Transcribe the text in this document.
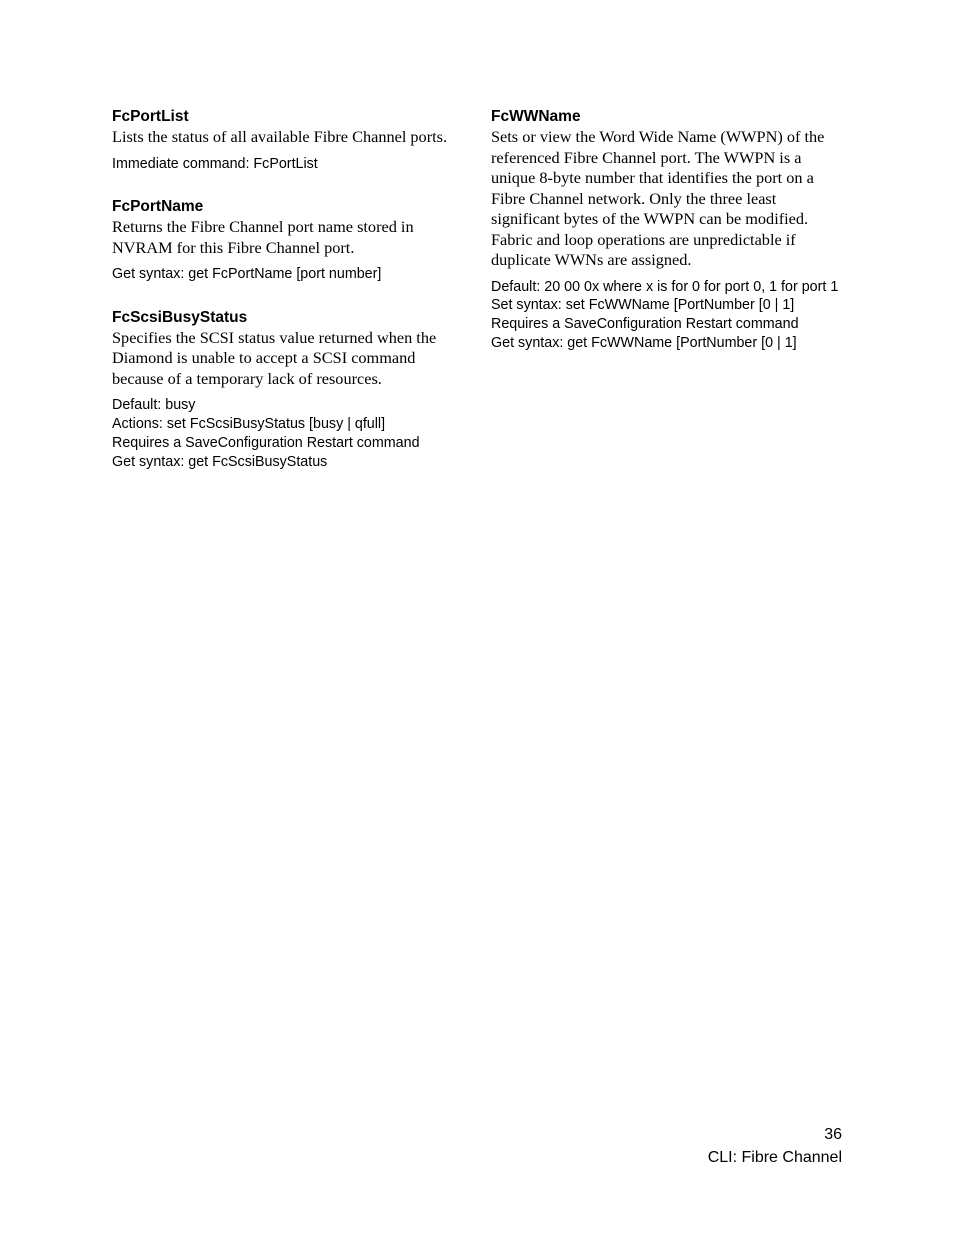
FcPortList

Lists the status of all available Fibre Channel ports.

Immediate command: FcPortList
FcPortName

Returns the Fibre Channel port name stored in NVRAM for this Fibre Channel port.

Get syntax: get FcPortName [port number]
FcScsiBusyStatus

Specifies the SCSI status value returned when the Diamond is unable to accept a SCSI command because of a temporary lack of resources.

Default: busy
Actions: set FcScsiBusyStatus [busy | qfull]
Requires a SaveConfiguration Restart command
Get syntax: get FcScsiBusyStatus
FcWWName

Sets or view the Word Wide Name (WWPN) of the referenced Fibre Channel port. The WWPN is a unique 8-byte number that identifies the port on a Fibre Channel network. Only the three least significant bytes of the WWPN can be modified. Fabric and loop operations are unpredictable if duplicate WWNs are assigned.

Default: 20 00 0x where x is for 0 for port 0, 1 for port 1
Set syntax: set FcWWName [PortNumber [0 | 1]
Requires a SaveConfiguration Restart command
Get syntax: get FcWWName [PortNumber [0 | 1]
36
CLI: Fibre Channel
